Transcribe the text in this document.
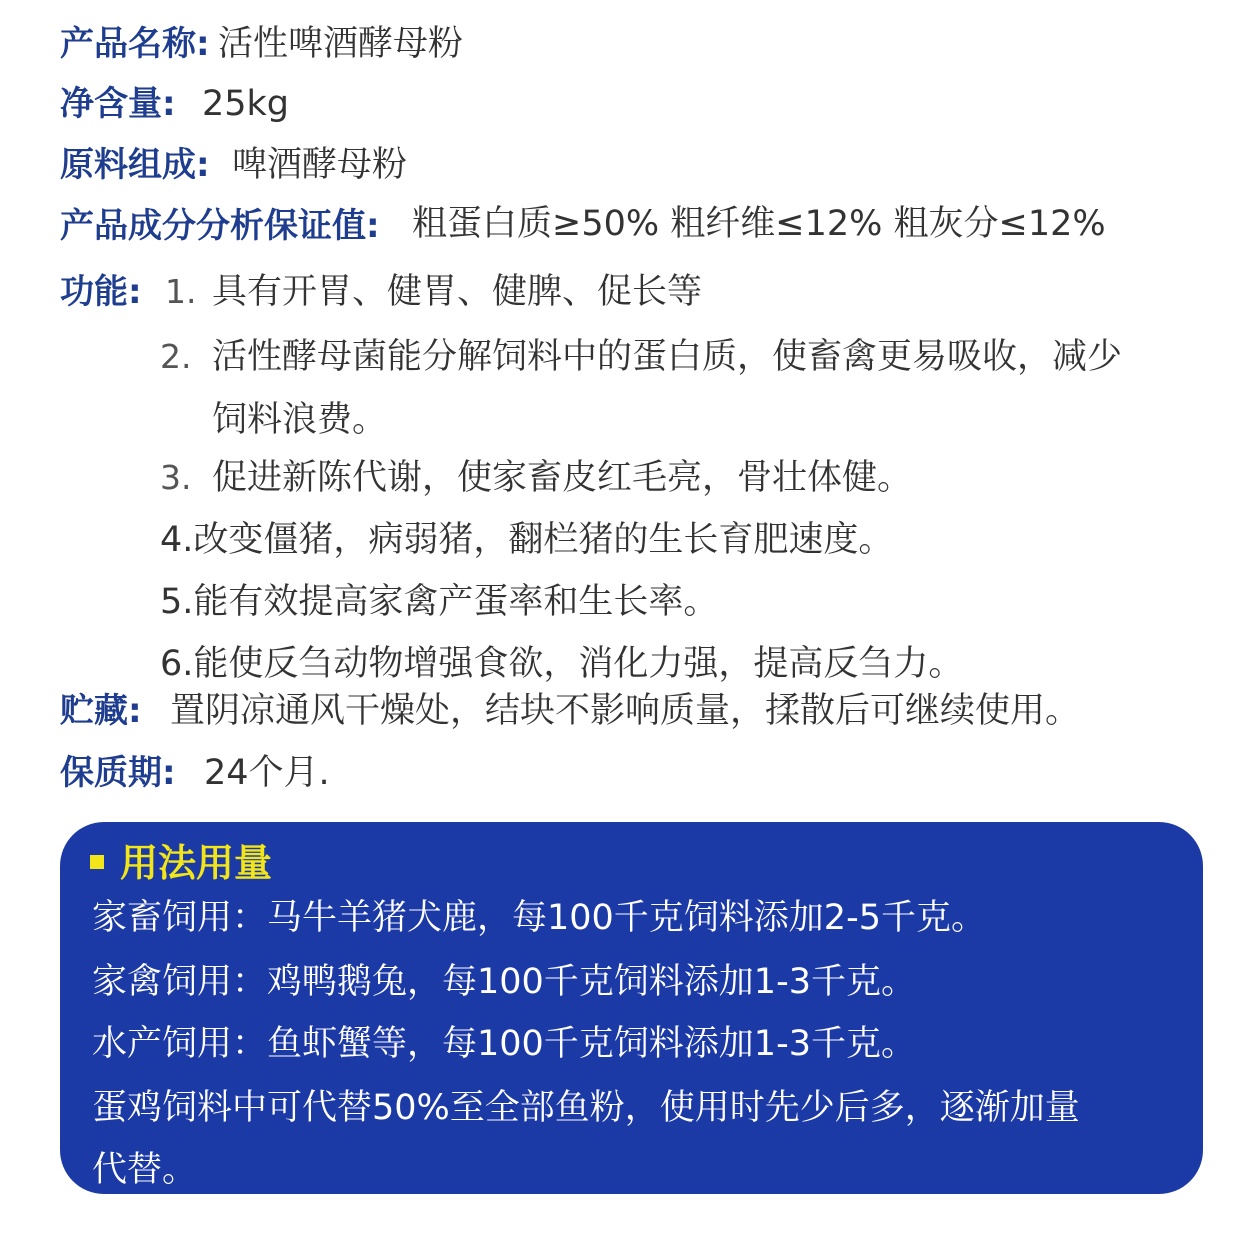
产品名称: 活性啤酒酵母粉
净含量: 25kg
原料组成: 啤酒酵母粉
产品成分分析保证值: 粗蛋白质≥50% 粗纤维≤12% 粗灰分≤12%
功能: 1. 具有开胃、健胃、健脾、促长等
2. 活性酵母菌能分解饲料中的蛋白质，使畜禽更易吸收，减少
饲料浪费。
3. 促进新陈代谢，使家畜皮红毛亮，骨壮体健。
4.改变僵猪，病弱猪，翻栏猪的生长育肥速度。
5.能有效提高家禽产蛋率和生长率。
6.能使反刍动物增强食欲，消化力强，提高反刍力。
贮藏: 置阴凉通风干燥处，结块不影响质量，揉散后可继续使用。
保质期: 24个月.
用法用量
家畜饲用：马牛羊猪犬鹿，每100千克饲料添加2-5千克。
家禽饲用：鸡鸭鹅兔，每100千克饲料添加1-3千克。
水产饲用：鱼虾蟹等，每100千克饲料添加1-3千克。
蛋鸡饲料中可代替50%至全部鱼粉，使用时先少后多，逐渐加量
代替。
